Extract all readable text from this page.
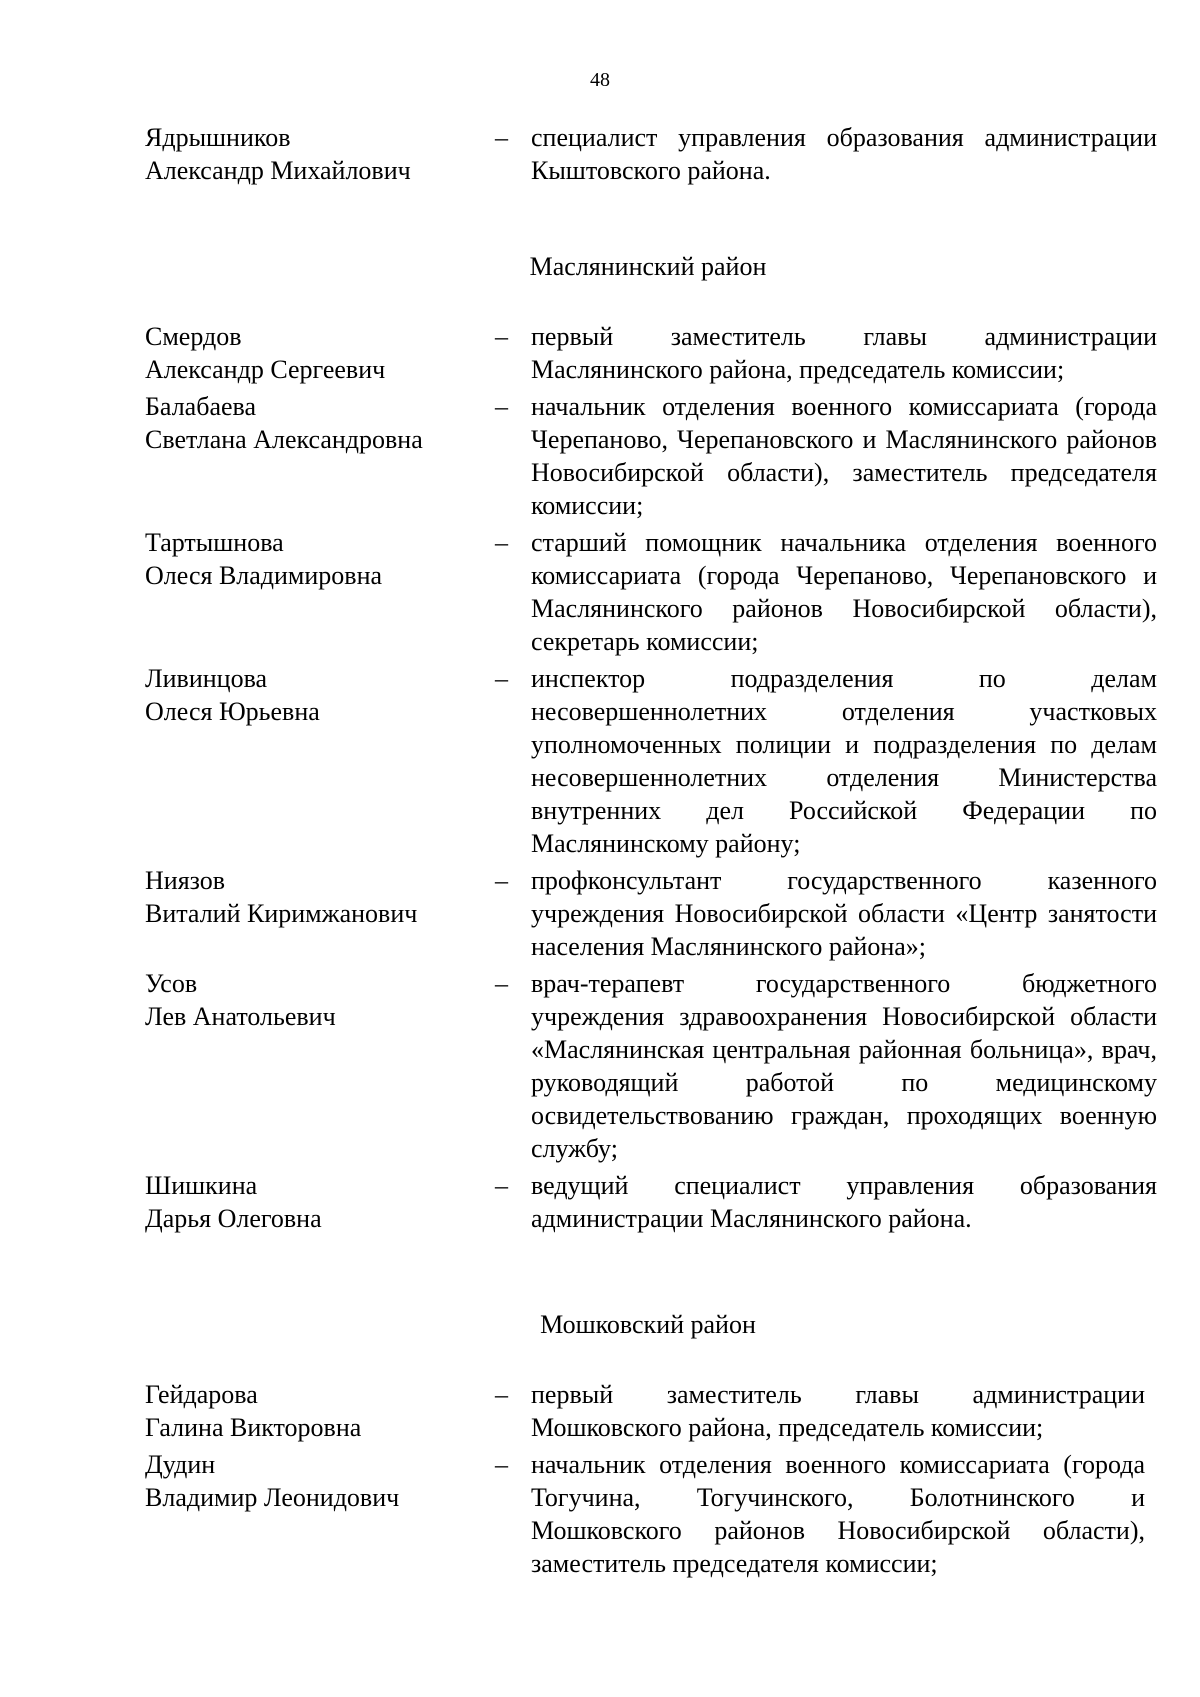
48
Ядрышников
Александр Михайлович
– специалист управления образования администрации Кыштовского района.
Маслянинский район
Смердов
Александр Сергеевич
– первый заместитель главы администрации Маслянинского района, председатель комиссии;
Балабаева
Светлана Александровна
– начальник отделения военного комиссариата (города Черепаново, Черепановского и Маслянинского районов Новосибирской области), заместитель председателя комиссии;
Тартышнова
Олеся Владимировна
– старший помощник начальника отделения военного комиссариата (города Черепаново, Черепановского и Маслянинского районов Новосибирской области), секретарь комиссии;
Ливинцова
Олеся Юрьевна
– инспектор подразделения по делам несовершеннолетних отделения участковых уполномоченных полиции и подразделения по делам несовершеннолетних отделения Министерства внутренних дел Российской Федерации по Маслянинскому району;
Ниязов
Виталий Киримжанович
– профконсультант государственного казенного учреждения Новосибирской области «Центр занятости населения Маслянинского района»;
Усов
Лев Анатольевич
– врач-терапевт государственного бюджетного учреждения здравоохранения Новосибирской области «Маслянинская центральная районная больница», врач, руководящий работой по медицинскому освидетельствованию граждан, проходящих военную службу;
Шишкина
Дарья Олеговна
– ведущий специалист управления образования администрации Маслянинского района.
Мошковский район
Гейдарова
Галина Викторовна
– первый заместитель главы администрации Мошковского района, председатель комиссии;
Дудин
Владимир Леонидович
– начальник отделения военного комиссариата (города Тогучина, Тогучинского, Болотнинского и Мошковского районов Новосибирской области), заместитель председателя комиссии;
